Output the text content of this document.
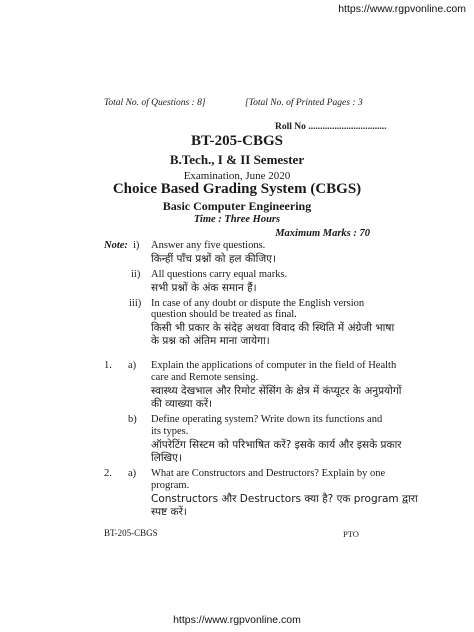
https://www.rgpvonline.com
Total No. of Questions : 8]	[Total No. of Printed Pages : 3
Roll No .................................
BT-205-CBGS
B.Tech., I & II Semester
Examination, June 2020
Choice Based Grading System (CBGS)
Basic Computer Engineering
Time : Three Hours
Maximum Marks : 70
Note: i) Answer any five questions.
किन्हीं पाँच प्रश्नों को हल कीजिए।
ii) All questions carry equal marks.
सभी प्रश्नों के अंक समान हैं।
iii) In case of any doubt or dispute the English version
question should be treated as final.
किसी भी प्रकार के संदेह अथवा विवाद की स्थिति में अंग्रेजी भाषा
के प्रश्न को अंतिम माना जायेगा।
1. a) Explain the applications of computer in the field of Health
care and Remote sensing.
स्वास्थ्य देखभाल और रिमोट सेंसिंग के क्षेत्र में कंप्यूटर के अनुप्रयोगों
की व्याख्या करें।
b) Define operating system? Write down its functions and
its types.
ऑपरेटिंग सिस्टम को परिभाषित करें? इसके कार्य और इसके प्रकार
लिखिए।
2. a) What are Constructors and Destructors? Explain by one
program.
Constructors और Destructors क्या है? एक program द्वारा
स्पष्ट करें।
BT-205-CBGS	PTO
https://www.rgpvonline.com
